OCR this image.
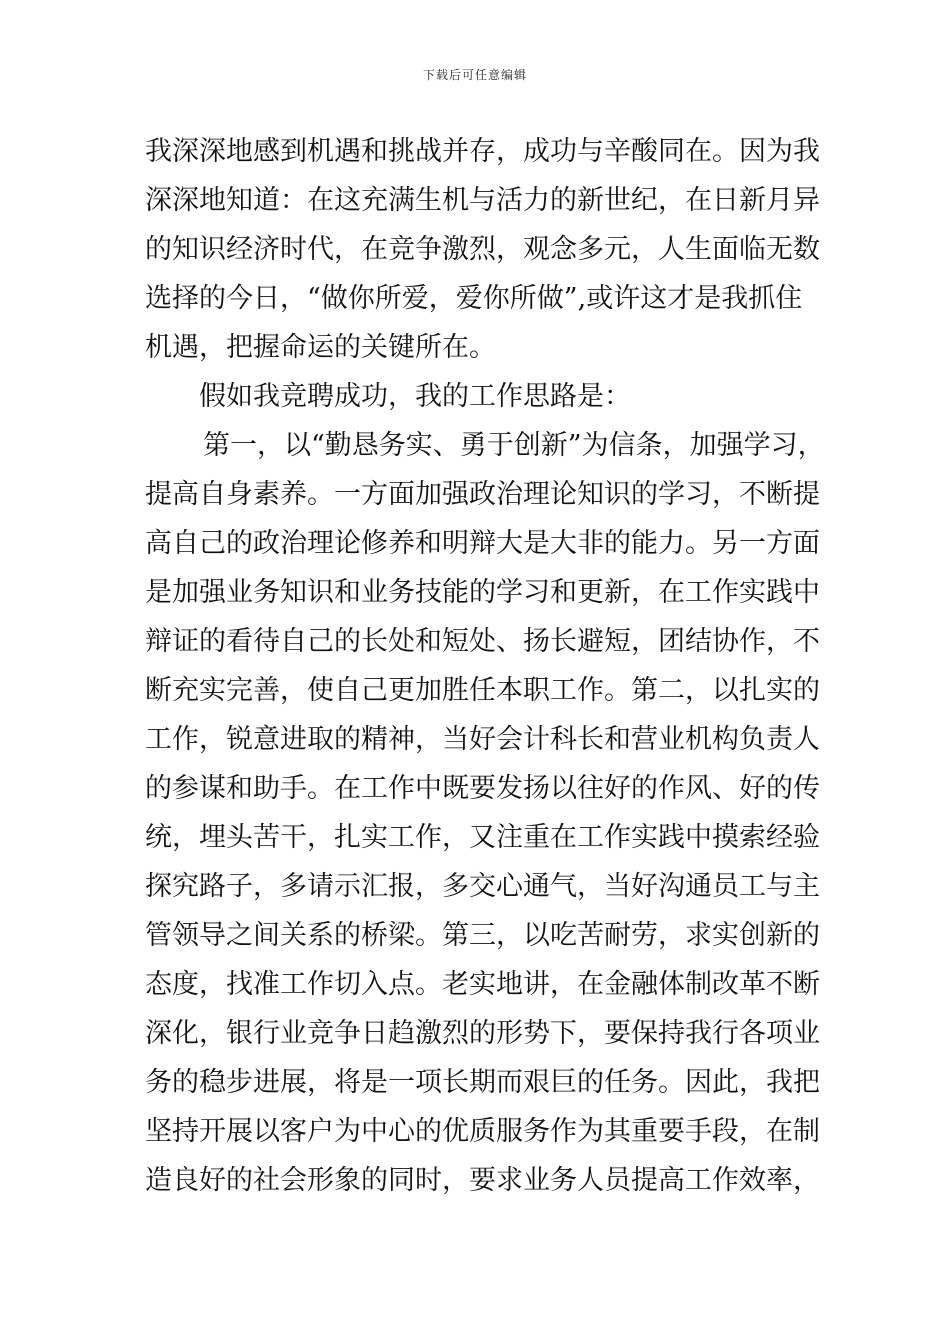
下载后可任意编辑
我深深地感到机遇和挑战并存，成功与辛酸同在。因为我
深深地知道：在这充满生机与活力的新世纪，在日新月异
的知识经济时代，在竞争激烈，观念多元，人生面临无数
选择的今日，“做你所爱，爱你所做”,或许这才是我抓住
机遇，把握命运的关键所在。
假如我竞聘成功，我的工作思路是：
第一，以“勤恳务实、勇于创新”为信条，加强学习，
提高自身素养。一方面加强政治理论知识的学习，不断提
高自己的政治理论修养和明辩大是大非的能力。另一方面
是加强业务知识和业务技能的学习和更新，在工作实践中
辩证的看待自己的长处和短处、扬长避短，团结协作，不
断充实完善，使自己更加胜任本职工作。第二，以扎实的
工作，锐意进取的精神，当好会计科长和营业机构负责人
的参谋和助手。在工作中既要发扬以往好的作风、好的传
统，埋头苦干，扎实工作，又注重在工作实践中摸索经验
探究路子，多请示汇报，多交心通气，当好沟通员工与主
管领导之间关系的桥梁。第三，以吃苦耐劳，求实创新的
态度，找准工作切入点。老实地讲，在金融体制改革不断
深化，银行业竞争日趋激烈的形势下，要保持我行各项业
务的稳步进展，将是一项长期而艰巨的任务。因此，我把
坚持开展以客户为中心的优质服务作为其重要手段，在制
造良好的社会形象的同时，要求业务人员提高工作效率，
